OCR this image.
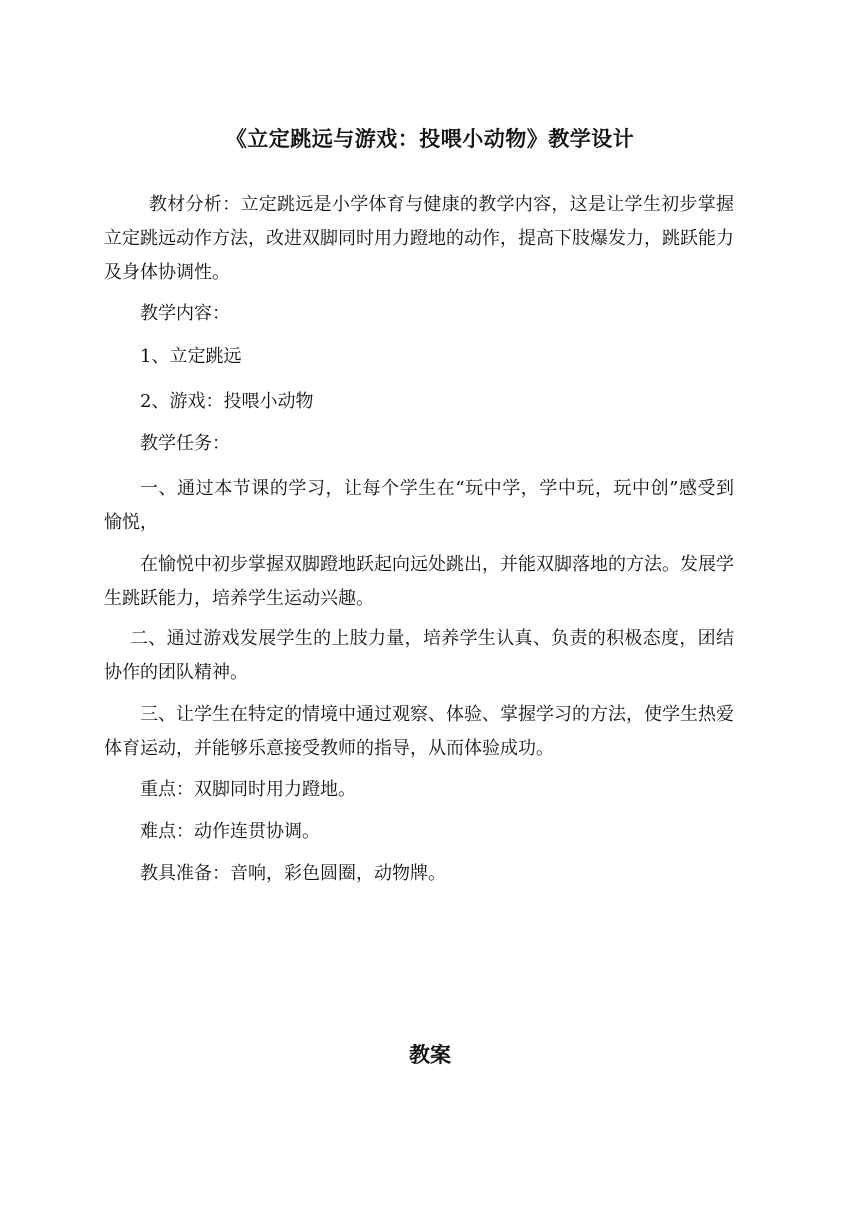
《立定跳远与游戏：投喂小动物》教学设计
教材分析：立定跳远是小学体育与健康的教学内容，这是让学生初步掌握立定跳远动作方法，改进双脚同时用力蹬地的动作，提高下肢爆发力，跳跃能力及身体协调性。
教学内容：
1、立定跳远
2、游戏：投喂小动物
教学任务：
一、通过本节课的学习，让每个学生在“玩中学，学中玩，玩中创”感受到愉悦，
在愉悦中初步掌握双脚蹬地跃起向远处跳出，并能双脚落地的方法。发展学生跳跃能力，培养学生运动兴趣。
二、通过游戏发展学生的上肢力量，培养学生认真、负责的积极态度，团结协作的团队精神。
三、让学生在特定的情境中通过观察、体验、掌握学习的方法，使学生热爱体育运动，并能够乐意接受教师的指导，从而体验成功。
重点：双脚同时用力蹬地。
难点：动作连贯协调。
教具准备：音响，彩色圆圈，动物牌。
教案
